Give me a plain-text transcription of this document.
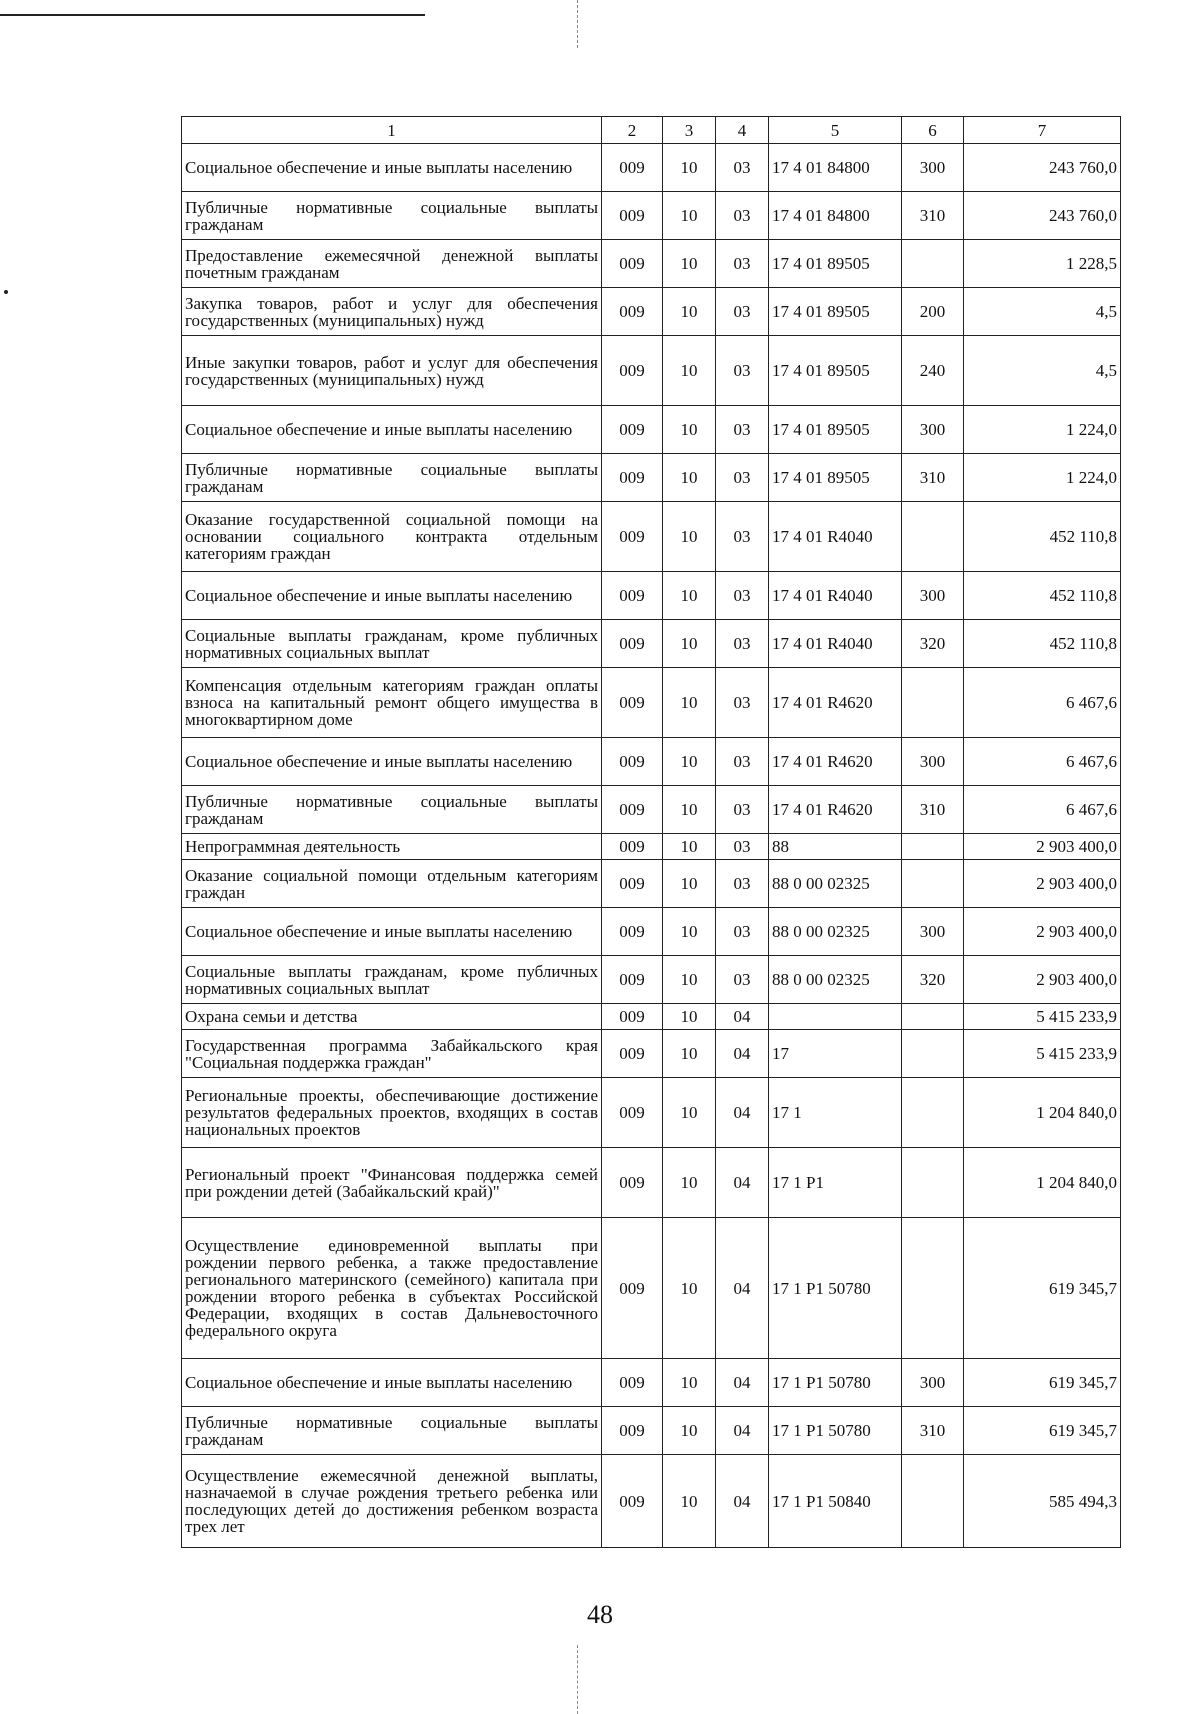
1	2	3	4	5	6	7
Социальное обеспечение и иные выплаты населению	009	10	03	17 4 01 84800	300	243 760,0
Публичные нормативные социальные выплаты гражданам	009	10	03	17 4 01 84800	310	243 760,0
Предоставление ежемесячной денежной выплаты почетным гражданам	009	10	03	17 4 01 89505		1 228,5
Закупка товаров, работ и услуг для обеспечения государственных (муниципальных) нужд	009	10	03	17 4 01 89505	200	4,5
Иные закупки товаров, работ и услуг для обеспечения государственных (муниципальных) нужд	009	10	03	17 4 01 89505	240	4,5
Социальное обеспечение и иные выплаты населению	009	10	03	17 4 01 89505	300	1 224,0
Публичные нормативные социальные выплаты гражданам	009	10	03	17 4 01 89505	310	1 224,0
Оказание государственной социальной помощи на основании социального контракта отдельным категориям граждан	009	10	03	17 4 01 R4040		452 110,8
Социальное обеспечение и иные выплаты населению	009	10	03	17 4 01 R4040	300	452 110,8
Социальные выплаты гражданам, кроме публичных нормативных социальных выплат	009	10	03	17 4 01 R4040	320	452 110,8
Компенсация отдельным категориям граждан оплаты взноса на капитальный ремонт общего имущества в многоквартирном доме	009	10	03	17 4 01 R4620		6 467,6
Социальное обеспечение и иные выплаты населению	009	10	03	17 4 01 R4620	300	6 467,6
Публичные нормативные социальные выплаты гражданам	009	10	03	17 4 01 R4620	310	6 467,6
Непрограммная деятельность	009	10	03	88		2 903 400,0
Оказание социальной помощи отдельным категориям граждан	009	10	03	88 0 00 02325		2 903 400,0
Социальное обеспечение и иные выплаты населению	009	10	03	88 0 00 02325	300	2 903 400,0
Социальные выплаты гражданам, кроме публичных нормативных социальных выплат	009	10	03	88 0 00 02325	320	2 903 400,0
Охрана семьи и детства	009	10	04			5 415 233,9
Государственная программа Забайкальского края "Социальная поддержка граждан"	009	10	04	17		5 415 233,9
Региональные проекты, обеспечивающие достижение результатов федеральных проектов, входящих в состав национальных проектов	009	10	04	17 1		1 204 840,0
Региональный проект "Финансовая поддержка семей при рождении детей (Забайкальский край)"	009	10	04	17 1 P1		1 204 840,0
Осуществление единовременной выплаты при рождении первого ребенка, а также предоставление регионального материнского (семейного) капитала при рождении второго ребенка в субъектах Российской Федерации, входящих в состав Дальневосточного федерального округа	009	10	04	17 1 P1 50780		619 345,7
Социальное обеспечение и иные выплаты населению	009	10	04	17 1 P1 50780	300	619 345,7
Публичные нормативные социальные выплаты гражданам	009	10	04	17 1 P1 50780	310	619 345,7
Осуществление ежемесячной денежной выплаты, назначаемой в случае рождения третьего ребенка или последующих детей до достижения ребенком возраста трех лет	009	10	04	17 1 P1 50840		585 494,3
48
